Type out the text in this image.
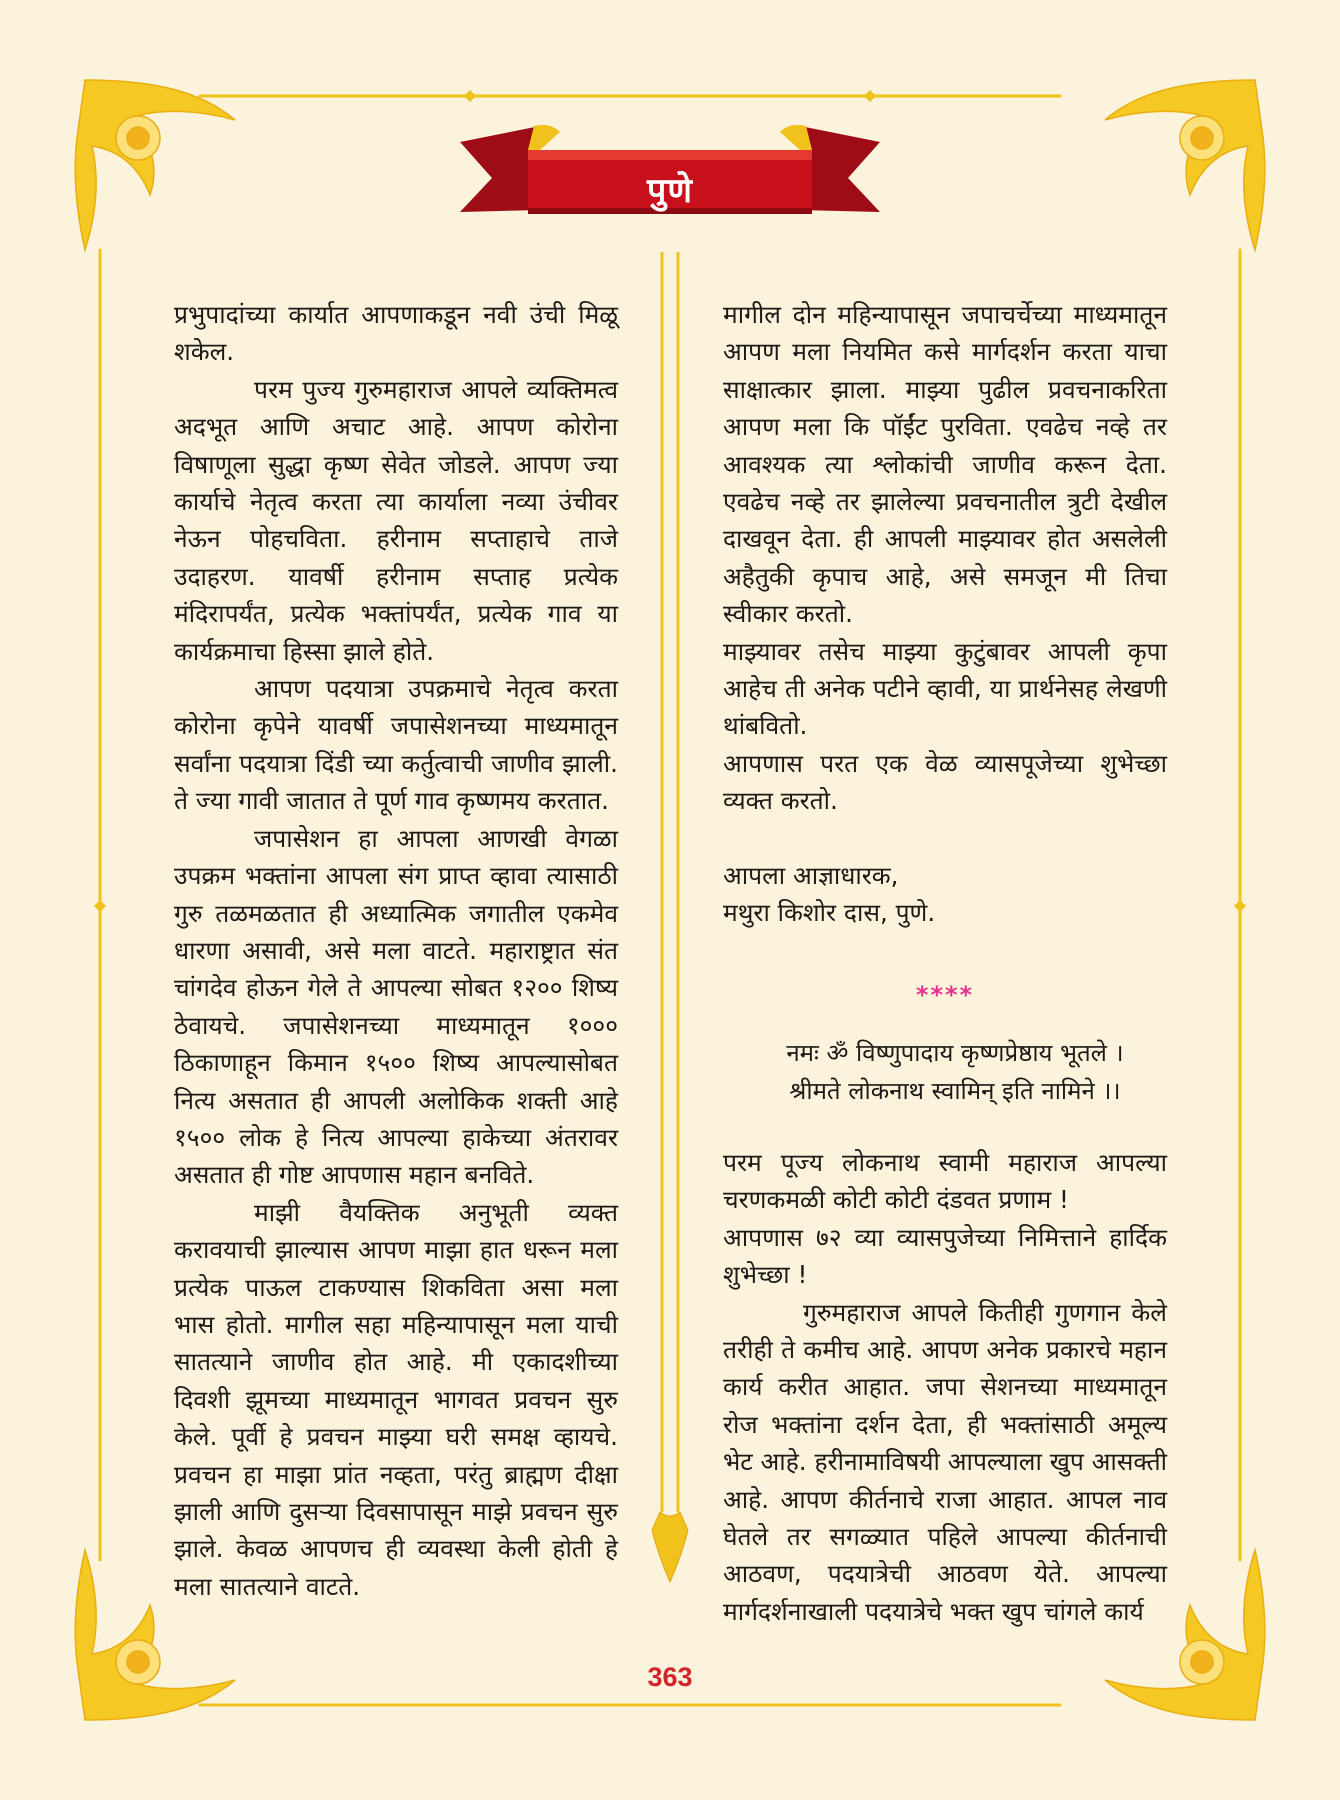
पुणे

प्रभुपादांच्या कार्यात आपणाकडून नवी उंची मिळू शकेल.

परम पुज्य गुरुमहाराज आपले व्यक्तिमत्व अदभूत आणि अचाट आहे. आपण कोरोना विषाणूला सुद्धा कृष्ण सेवेत जोडले. आपण ज्या कार्याचे नेतृत्व करता त्या कार्याला नव्या उंचीवर नेऊन पोहचविता. हरीनाम सप्ताहाचे ताजे उदाहरण. यावर्षी हरीनाम सप्ताह प्रत्येक मंदिरापर्यंत, प्रत्येक भक्तांपर्यंत, प्रत्येक गाव या कार्यक्रमाचा हिस्सा झाले होते.

आपण पदयात्रा उपक्रमाचे नेतृत्व करता कोरोना कृपेने यावर्षी जपासेशनच्या माध्यमातून सर्वांना पदयात्रा दिंडी च्या कर्तुत्वाची जाणीव झाली. ते ज्या गावी जातात ते पूर्ण गाव कृष्णमय करतात.

जपासेशन हा आपला आणखी वेगळा उपक्रम भक्तांना आपला संग प्राप्त व्हावा त्यासाठी गुरु तळमळतात ही अध्यात्मिक जगातील एकमेव धारणा असावी, असे मला वाटते. महाराष्ट्रात संत चांगदेव होऊन गेले ते आपल्या सोबत १२०० शिष्य ठेवायचे. जपासेशनच्या माध्यमातून १००० ठिकाणाहून किमान १५०० शिष्य आपल्यासोबत नित्य असतात ही आपली अलोकिक शक्ती आहे १५०० लोक हे नित्य आपल्या हाकेच्या अंतरावर असतात ही गोष्ट आपणास महान बनविते.

माझी वैयक्तिक अनुभूती व्यक्त करावयाची झाल्यास आपण माझा हात धरून मला प्रत्येक पाऊल टाकण्यास शिकविता असा मला भास होतो. मागील सहा महिन्यापासून मला याची सातत्याने जाणीव होत आहे. मी एकादशीच्या दिवशी झूमच्या माध्यमातून भागवत प्रवचन सुरु केले. पूर्वी हे प्रवचन माझ्या घरी समक्ष व्हायचे. प्रवचन हा माझा प्रांत नव्हता, परंतु ब्राह्मण दीक्षा झाली आणि दुसऱ्या दिवसापासून माझे प्रवचन सुरु झाले. केवळ आपणच ही व्यवस्था केली होती हे मला सातत्याने वाटते.

मागील दोन महिन्यापासून जपाचर्चेच्या माध्यमातून आपण मला नियमित कसे मार्गदर्शन करता याचा साक्षात्कार झाला. माझ्या पुढील प्रवचनाकरिता आपण मला कि पॉईंट पुरविता. एवढेच नव्हे तर आवश्यक त्या श्लोकांची जाणीव करून देता. एवढेच नव्हे तर झालेल्या प्रवचनातील त्रुटी देखील दाखवून देता. ही आपली माझ्यावर होत असलेली अहैतुकी कृपाच आहे, असे समजून मी तिचा स्वीकार करतो.

माझ्यावर तसेच माझ्या कुटुंबावर आपली कृपा आहेच ती अनेक पटीने व्हावी, या प्रार्थनेसह लेखणी थांबवितो.

आपणास परत एक वेळ व्यासपूजेच्या शुभेच्छा व्यक्त करतो.

आपला आज्ञाधारक,

मथुरा किशोर दास, पुणे.

****
नमः ॐ विष्णुपादाय कृष्णप्रेष्ठाय भूतले ।
श्रीमते लोकनाथ स्वामिन् इति नामिने ।।

परम पूज्य लोकनाथ स्वामी महाराज आपल्या चरणकमळी कोटी कोटी दंडवत प्रणाम !

आपणास ७२ व्या व्यासपुजेच्या निमित्ताने हार्दिक शुभेच्छा !

गुरुमहाराज आपले कितीही गुणगान केले तरीही ते कमीच आहे. आपण अनेक प्रकारचे महान कार्य करीत आहात. जपा सेशनच्या माध्यमातून रोज भक्तांना दर्शन देता, ही भक्तांसाठी अमूल्य भेट आहे. हरीनामाविषयी आपल्याला खुप आसक्ती आहे. आपण कीर्तनाचे राजा आहात. आपल नाव घेतले तर सगळ्यात पहिले आपल्या कीर्तनाची आठवण, पदयात्रेची आठवण येते. आपल्या मार्गदर्शनाखाली पदयात्रेचे भक्त खुप चांगले कार्य

363
